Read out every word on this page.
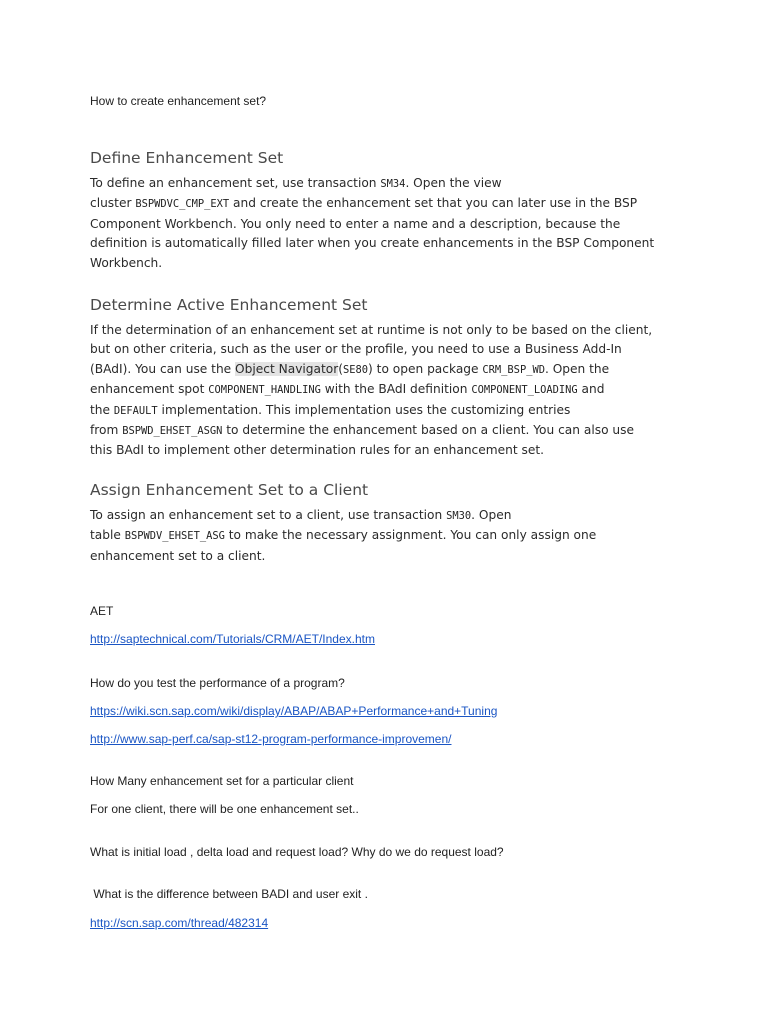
How to create enhancement set?

Define Enhancement Set
To define an enhancement set, use transaction SM34. Open the view
cluster BSPWDVC_CMP_EXT and create the enhancement set that you can later use in the BSP
Component Workbench. You only need to enter a name and a description, because the
definition is automatically filled later when you create enhancements in the BSP Component
Workbench.
Determine Active Enhancement Set
If the determination of an enhancement set at runtime is not only to be based on the client,
but on other criteria, such as the user or the profile, you need to use a Business Add-In
(BAdI). You can use the Object Navigator(SE80) to open package CRM_BSP_WD. Open the
enhancement spot COMPONENT_HANDLING with the BAdI definition COMPONENT_LOADING and
the DEFAULT implementation. This implementation uses the customizing entries
from BSPWD_EHSET_ASGN to determine the enhancement based on a client. You can also use
this BAdI to implement other determination rules for an enhancement set.
Assign Enhancement Set to a Client
To assign an enhancement set to a client, use transaction SM30. Open
table BSPWDV_EHSET_ASG to make the necessary assignment. You can only assign one
enhancement set to a client.

AET

http://saptechnical.com/Tutorials/CRM/AET/Index.htm

How do you test the performance of a program?

https://wiki.scn.sap.com/wiki/display/ABAP/ABAP+Performance+and+Tuning
http://www.sap-perf.ca/sap-st12-program-performance-improvemen/

How Many enhancement set for a particular client

For one client, there will be one enhancement set..

What is initial load , delta load and request load? Why do we do request load?

What is the difference between BADI and user exit .

http://scn.sap.com/thread/482314
